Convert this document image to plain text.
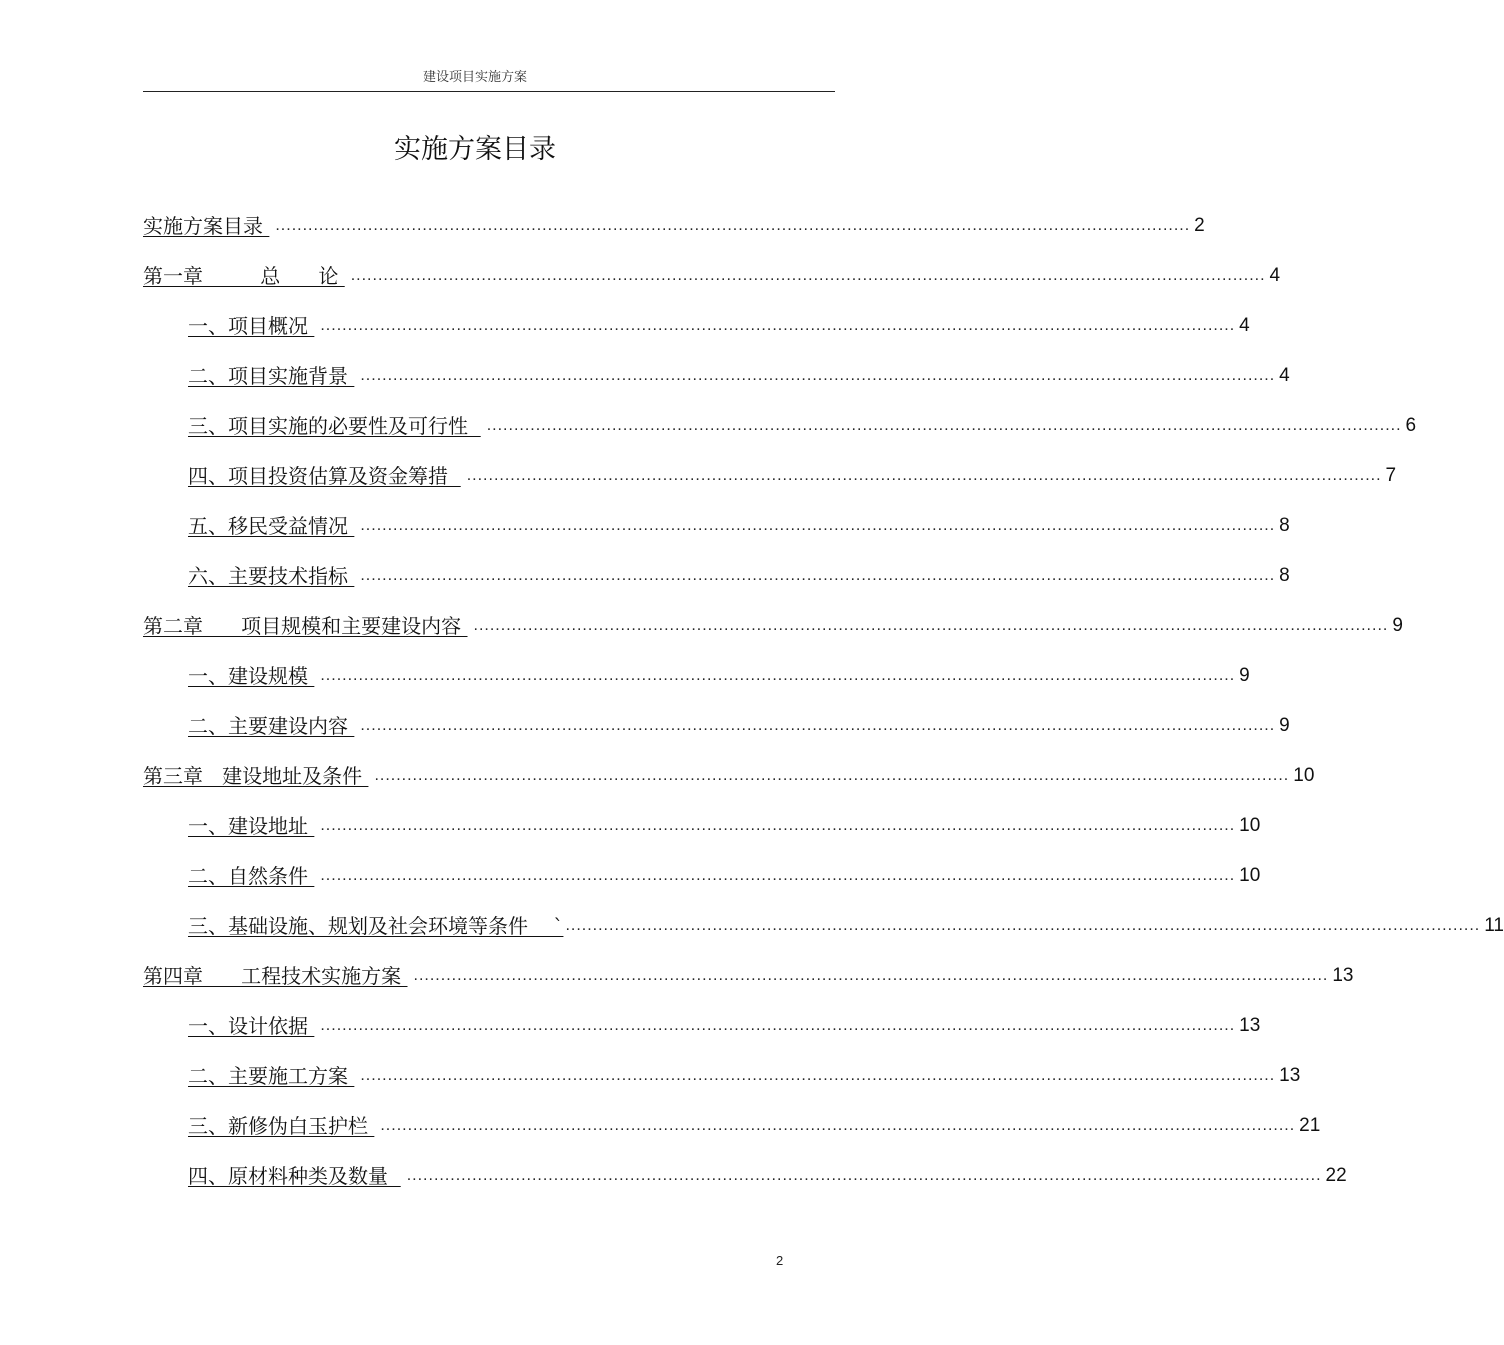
建设项目实施方案
实施方案目录
实施方案目录 ........................................................................................................................................................................ 2
第一章         总      论 ........................................................................................................................................................................ 4
一、项目概况 ........................................................................................................................................................................ 4
二、项目实施背景 ........................................................................................................................................................................ 4
三、项目实施的必要性及可行性 ........................................................................................................................................................................ 6
四、项目投资估算及资金筹措 ........................................................................................................................................................................ 7
五、移民受益情况 ........................................................................................................................................................................ 8
六、主要技术指标 ........................................................................................................................................................................ 8
第二章      项目规模和主要建设内容 ........................................................................................................................................................................ 9
一、建设规模 ........................................................................................................................................................................ 9
二、主要建设内容 ........................................................................................................................................................................ 9
第三章   建设地址及条件 ........................................................................................................................................................................ 10
一、建设地址 ........................................................................................................................................................................ 10
二、自然条件 ........................................................................................................................................................................ 10
三、基础设施、规划及社会环境等条件    ˋ ........................................................................................................................................................................ 11
第四章      工程技术实施方案 ........................................................................................................................................................................ 13
一、设计依据 ........................................................................................................................................................................ 13
二、主要施工方案 ........................................................................................................................................................................ 13
三、新修伪白玉护栏 ........................................................................................................................................................................ 21
四、原材料种类及数量 ........................................................................................................................................................................ 22
2
